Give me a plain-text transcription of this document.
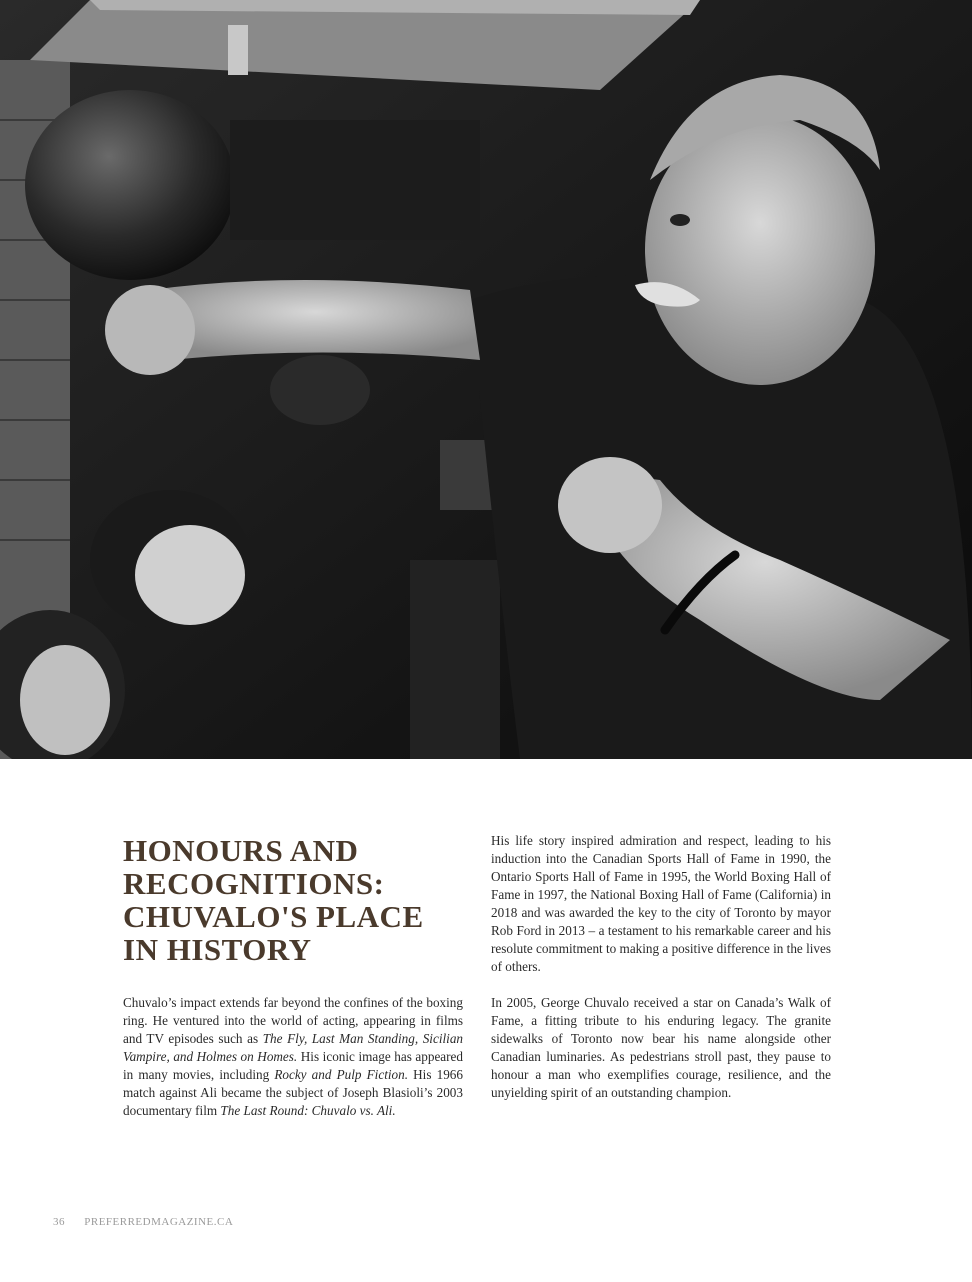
HONOURS AND
RECOGNITIONS:
CHUVALO'S PLACE
IN HISTORY

Chuvalo’s impact extends far beyond the confines of the boxing ring. He ventured into the world of acting, appearing in films and TV episodes such as The Fly, Last Man Standing, Sicilian Vampire, and Holmes on Homes. His iconic image has appeared in many movies, including Rocky and Pulp Fiction. His 1966 match against Ali became the subject of Joseph Blasioli’s 2003 documentary film The Last Round: Chuvalo vs. Ali.

His life story inspired admiration and respect, leading to his induction into the Canadian Sports Hall of Fame in 1990, the Ontario Sports Hall of Fame in 1995, the World Boxing Hall of Fame in 1997, the National Boxing Hall of Fame (California) in 2018 and was awarded the key to the city of Toronto by mayor Rob Ford in 2013 – a testament to his remarkable career and his resolute commitment to making a positive difference in the lives of others.

In 2005, George Chuvalo received a star on Canada’s Walk of Fame, a fitting tribute to his enduring legacy. The granite sidewalks of Toronto now bear his name alongside other Canadian luminaries. As pedestrians stroll past, they pause to honour a man who exemplifies courage, resilience, and the unyielding spirit of an outstanding champion.

36 PREFERREDMAGAZINE.CA
